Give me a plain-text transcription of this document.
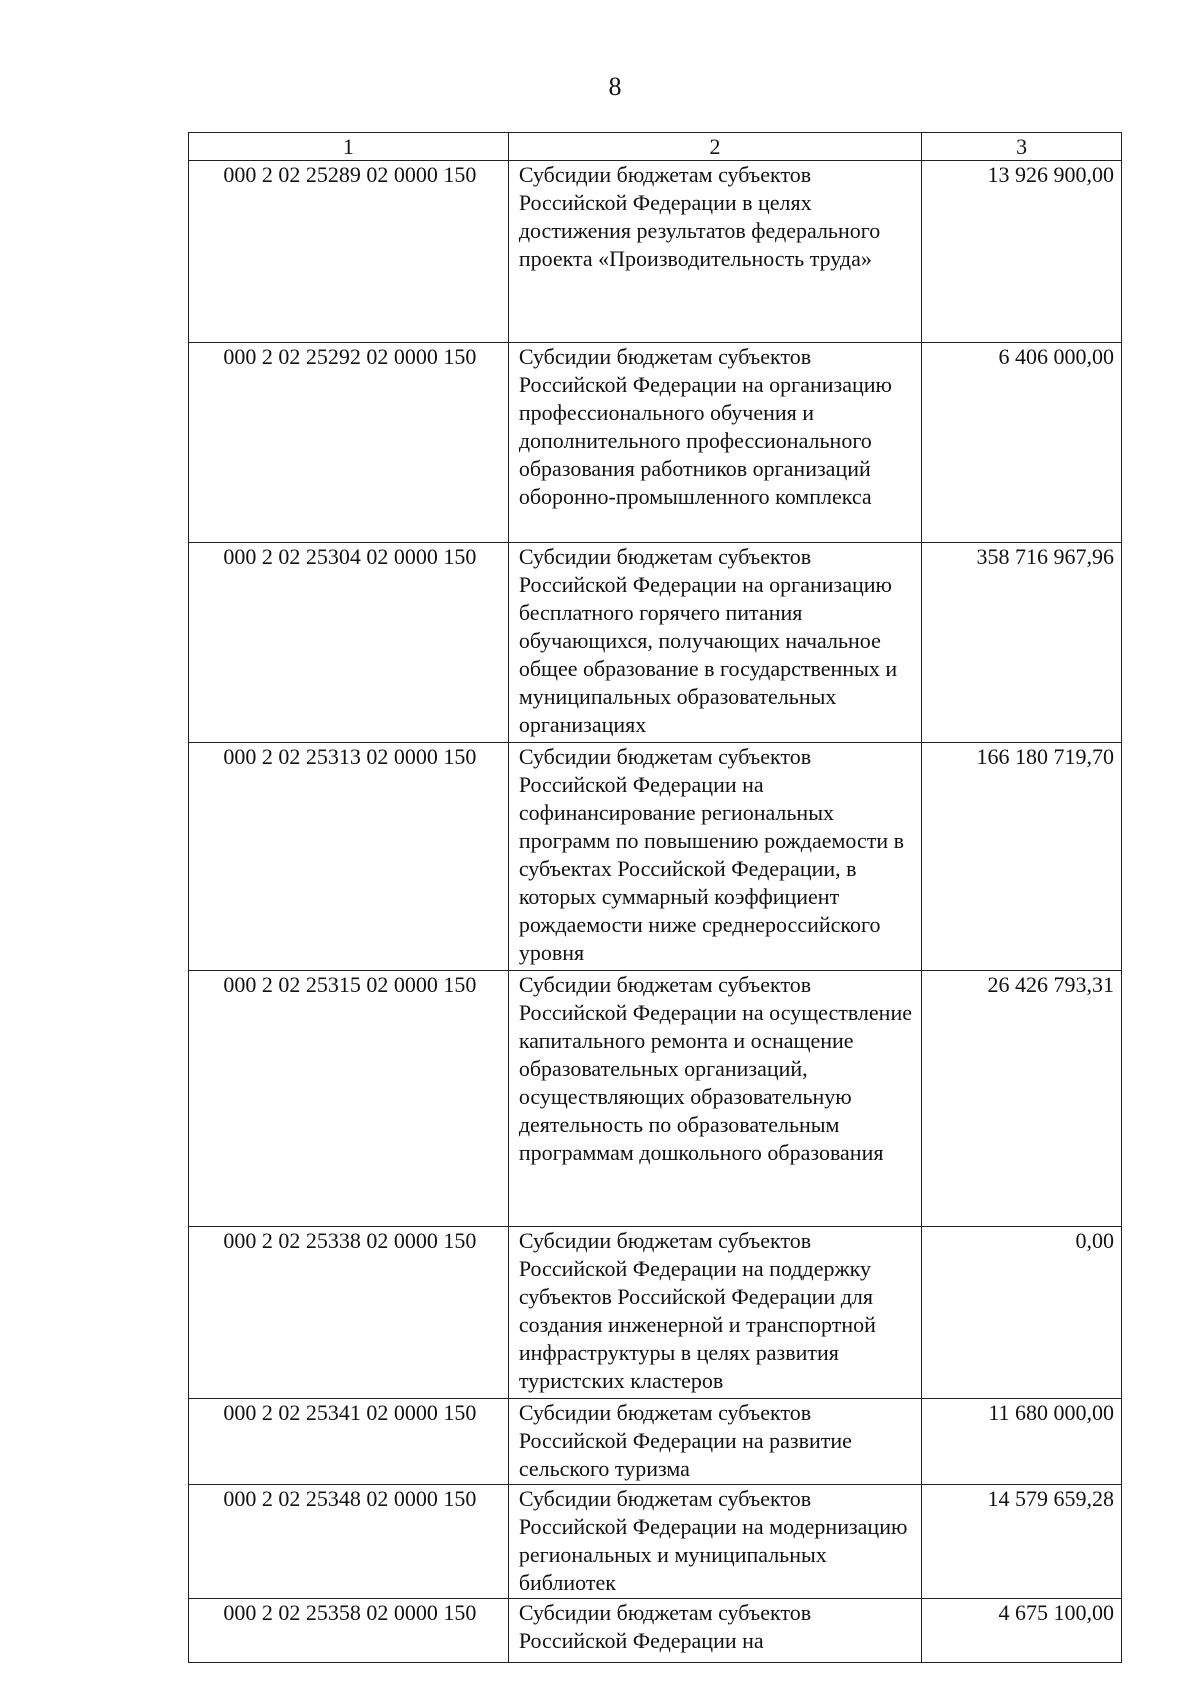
8
1	2	3
000 2 02 25289 02 0000 150	Субсидии бюджетам субъектов Российской Федерации в целях достижения результатов федерального проекта «Производительность труда»	13 926 900,00
000 2 02 25292 02 0000 150	Субсидии бюджетам субъектов Российской Федерации на организацию профессионального обучения и дополнительного профессионального образования работников организаций оборонно-промышленного комплекса	6 406 000,00
000 2 02 25304 02 0000 150	Субсидии бюджетам субъектов Российской Федерации на организацию бесплатного горячего питания обучающихся, получающих начальное общее образование в государственных и муниципальных образовательных организациях	358 716 967,96
000 2 02 25313 02 0000 150	Субсидии бюджетам субъектов Российской Федерации на софинансирование региональных программ по повышению рождаемости в субъектах Российской Федерации, в которых суммарный коэффициент рождаемости ниже среднероссийского уровня	166 180 719,70
000 2 02 25315 02 0000 150	Субсидии бюджетам субъектов Российской Федерации на осуществление капитального ремонта и оснащение образовательных организаций, осуществляющих образовательную деятельность по образовательным программам дошкольного образования	26 426 793,31
000 2 02 25338 02 0000 150	Субсидии бюджетам субъектов Российской Федерации на поддержку субъектов Российской Федерации для создания инженерной и транспортной инфраструктуры в целях развития туристских кластеров	0,00
000 2 02 25341 02 0000 150	Субсидии бюджетам субъектов Российской Федерации на развитие сельского туризма	11 680 000,00
000 2 02 25348 02 0000 150	Субсидии бюджетам субъектов Российской Федерации на модернизацию региональных и муниципальных библиотек	14 579 659,28
000 2 02 25358 02 0000 150	Субсидии бюджетам субъектов Российской Федерации на	4 675 100,00
